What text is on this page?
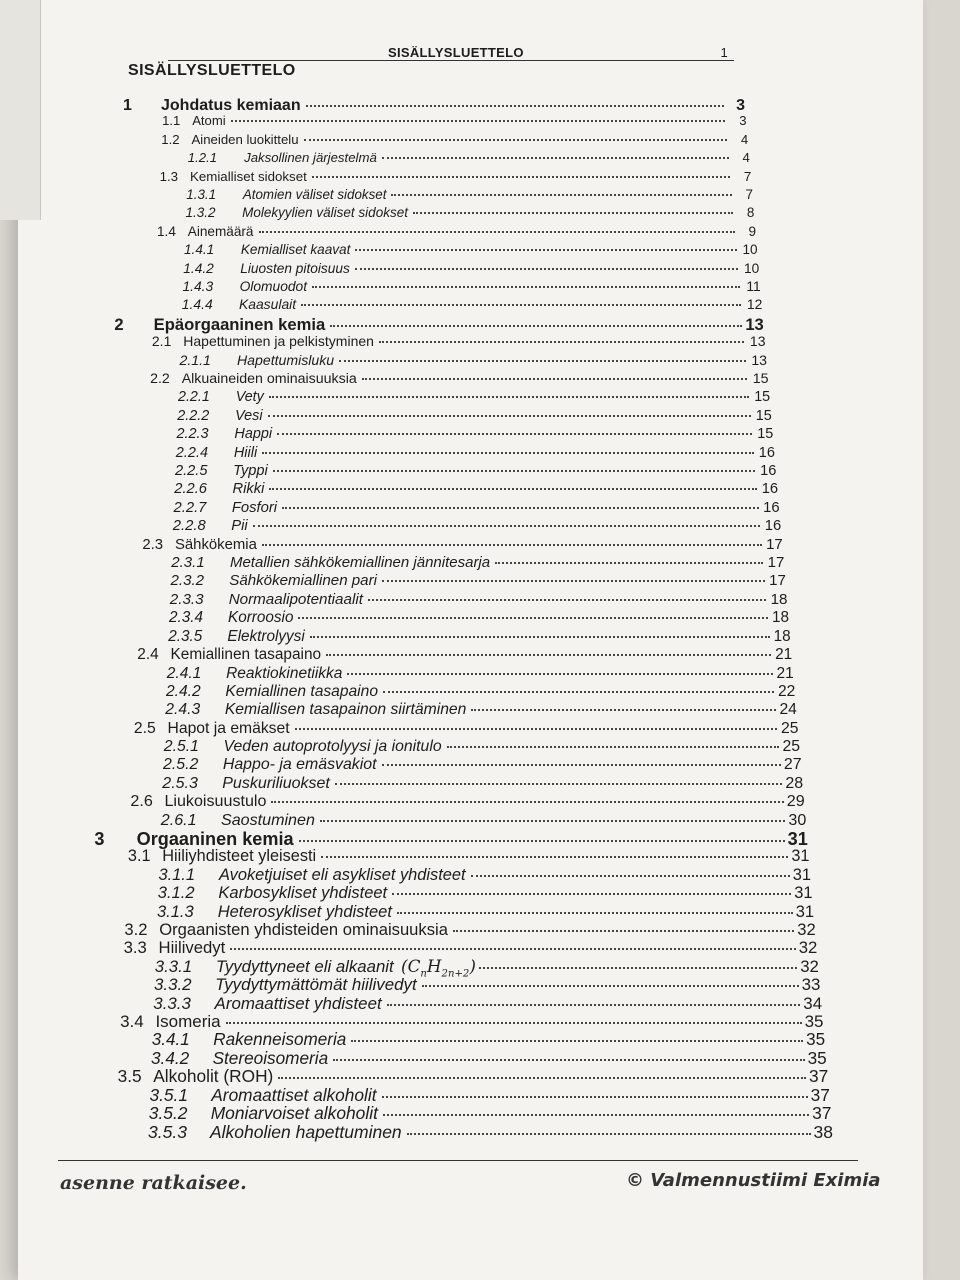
SISÄLLYSLUETTELO	1
SISÄLLYSLUETTELO
1	Johdatus kemiaan	3
1.1 Atomi	3
1.2 Aineiden luokittelu	4
1.2.1	Jaksollinen järjestelmä	4
1.3 Kemialliset sidokset	7
1.3.1	Atomien väliset sidokset	7
1.3.2	Molekyylien väliset sidokset	8
1.4 Ainemäärä	9
1.4.1	Kemialliset kaavat	10
1.4.2	Liuosten pitoisuus	10
1.4.3	Olomuodot	11
1.4.4	Kaasulait	12
2	Epäorgaaninen kemia	13
2.1 Hapettuminen ja pelkistyminen	13
2.1.1	Hapettumisluku	13
2.2 Alkuaineiden ominaisuuksia	15
2.2.1	Vety	15
2.2.2	Vesi	15
2.2.3	Happi	15
2.2.4	Hiili	16
2.2.5	Typpi	16
2.2.6	Rikki	16
2.2.7	Fosfori	16
2.2.8	Pii	16
2.3 Sähkökemia	17
2.3.1	Metallien sähkökemiallinen jännitesarja	17
2.3.2	Sähkökemiallinen pari	17
2.3.3	Normaalipotentiaalit	18
2.3.4	Korroosio	18
2.3.5	Elektrolyysi	18
2.4 Kemiallinen tasapaino	21
2.4.1	Reaktiokinetiikka	21
2.4.2	Kemiallinen tasapaino	22
2.4.3	Kemiallisen tasapainon siirtäminen	24
2.5 Hapot ja emäkset	25
2.5.1	Veden autoprotolyysi ja ionitulo	25
2.5.2	Happo- ja emäsvakiot	27
2.5.3	Puskuriliuokset	28
2.6 Liukoisuustulo	29
2.6.1	Saostuminen	30
3	Orgaaninen kemia	31
3.1 Hiiliyhdisteet yleisesti	31
3.1.1	Avoketjuiset eli asykliset yhdisteet	31
3.1.2	Karbosykliset yhdisteet	31
3.1.3	Heterosykliset yhdisteet	31
3.2 Orgaanisten yhdisteiden ominaisuuksia	32
3.3 Hiilivedyt	32
3.3.1	Tyydyttyneet eli alkaanit $(C_nH_{2n+2})$	32
3.3.2	Tyydyttymättömät hiilivedyt	33
3.3.3	Aromaattiset yhdisteet	34
3.4 Isomeria	35
3.4.1	Rakenneisomeria	35
3.4.2	Stereoisomeria	35
3.5 Alkoholit (ROH)	37
3.5.1	Aromaattiset alkoholit	37
3.5.2	Moniarvoiset alkoholit	37
3.5.3	Alkoholien hapettuminen	38
asenne ratkaisee.	© Valmennustiimi Eximia
